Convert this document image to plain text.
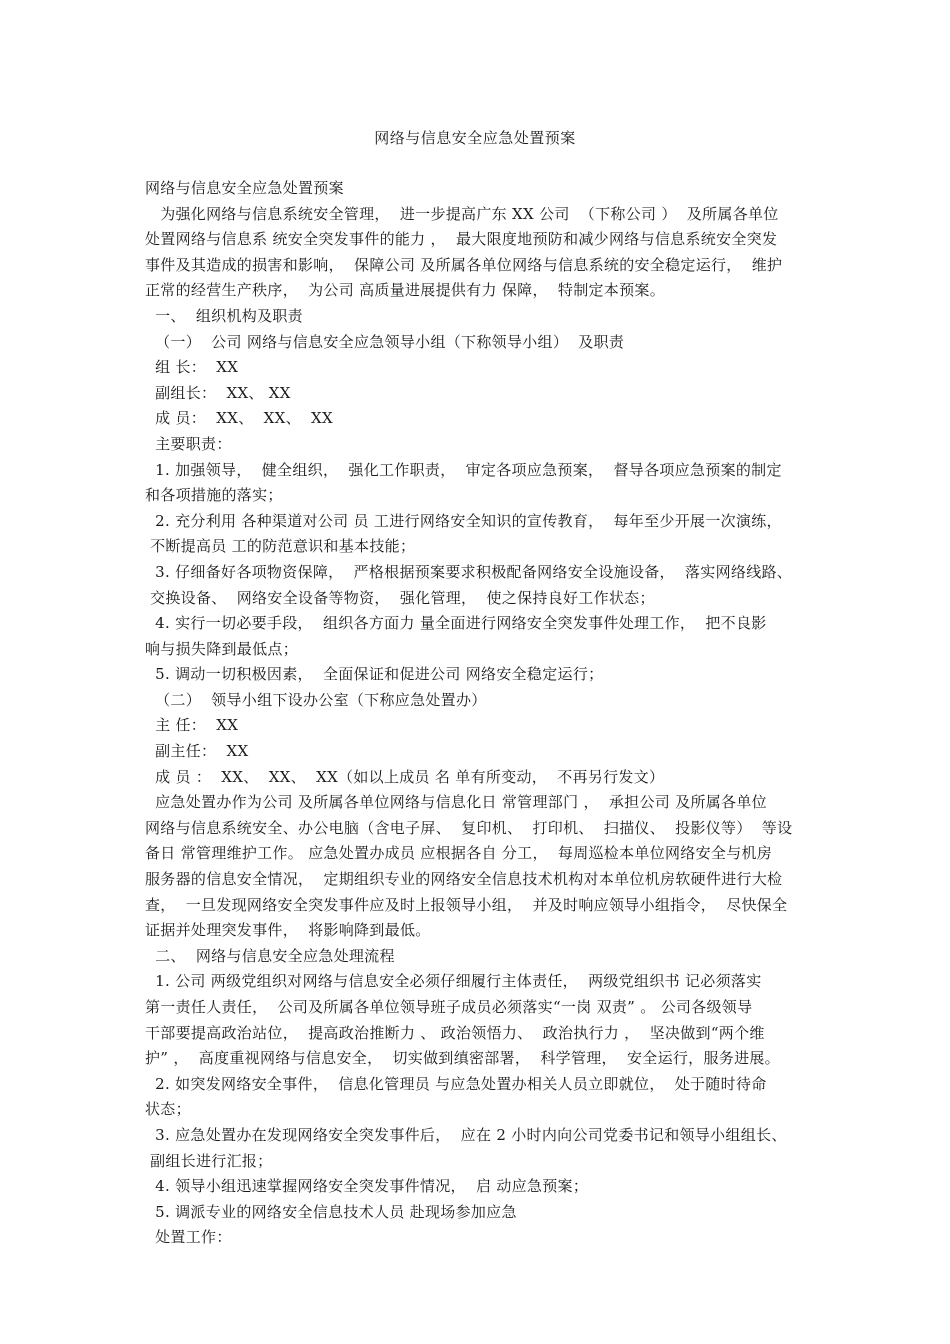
网络与信息安全应急处置预案
网络与信息安全应急处置预案
为强化网络与信息系统安全管理，  进一步提高广东 XX 公司  （下称公司 ）  及所属各单位
处置网络与信息系 统安全突发事件的能力 ，  最大限度地预防和减少网络与信息系统安全突发
事件及其造成的损害和影响，  保障公司 及所属各单位网络与信息系统的安全稳定运行，  维护
正常的经营生产秩序，  为公司 高质量进展提供有力 保障，  特制定本预案。
一、  组织机构及职责
（一）  公司 网络与信息安全应急领导小组（下称领导小组）  及职责
组 长：  XX
副组长：  XX、 XX
成 员：  XX、  XX、  XX
主要职责：
1. 加强领导，  健全组织，  强化工作职责，  审定各项应急预案，  督导各项应急预案的制定
和各项措施的落实；
2. 充分利用 各种渠道对公司 员 工进行网络安全知识的宣传教育，  每年至少开展一次演练，
不断提高员 工的防范意识和基本技能；
3. 仔细备好各项物资保障，  严格根据预案要求积极配备网络安全设施设备，  落实网络线路、
交换设备、  网络安全设备等物资，  强化管理，  使之保持良好工作状态；
4. 实行一切必要手段，  组织各方面力 量全面进行网络安全突发事件处理工作，  把不良影
响与损失降到最低点；
5. 调动一切积极因素，  全面保证和促进公司 网络安全稳定运行；
（二）  领导小组下设办公室（下称应急处置办）
主 任：  XX
副主任：  XX
成 员 ：  XX、  XX、  XX（如以上成员 名 单有所变动，  不再另行发文）
应急处置办作为公司 及所属各单位网络与信息化日 常管理部门 ，  承担公司 及所属各单位
网络与信息系统安全、办公电脑（含电子屏、  复印机、  打印机、  扫描仪、  投影仪等）  等设
备日 常管理维护工作。 应急处置办成员 应根据各自 分工，  每周巡检本单位网络安全与机房
服务器的信息安全情况，  定期组织专业的网络安全信息技术机构对本单位机房软硬件进行大检
查，  一旦发现网络安全突发事件应及时上报领导小组，  并及时响应领导小组指令，  尽快保全
证据并处理突发事件，  将影响降到最低。
二、  网络与信息安全应急处理流程
1. 公司 两级党组织对网络与信息安全必须仔细履行主体责任，  两级党组织书 记必须落实
第一责任人责任，  公司及所属各单位领导班子成员必须落实“一岗 双责” 。 公司各级领导
干部要提高政治站位，  提高政治推断力 、 政治领悟力、  政治执行力 ，  坚决做到“两个维
护” ，  高度重视网络与信息安全，  切实做到缜密部署，  科学管理，  安全运行，服务进展。
2. 如突发网络安全事件，  信息化管理员 与应急处置办相关人员立即就位，  处于随时待命
状态；
3. 应急处置办在发现网络安全突发事件后，  应在 2 小时内向公司党委书记和领导小组组长、
副组长进行汇报；
4. 领导小组迅速掌握网络安全突发事件情况，  启 动应急预案；
5. 调派专业的网络安全信息技术人员 赴现场参加应急
处置工作：
